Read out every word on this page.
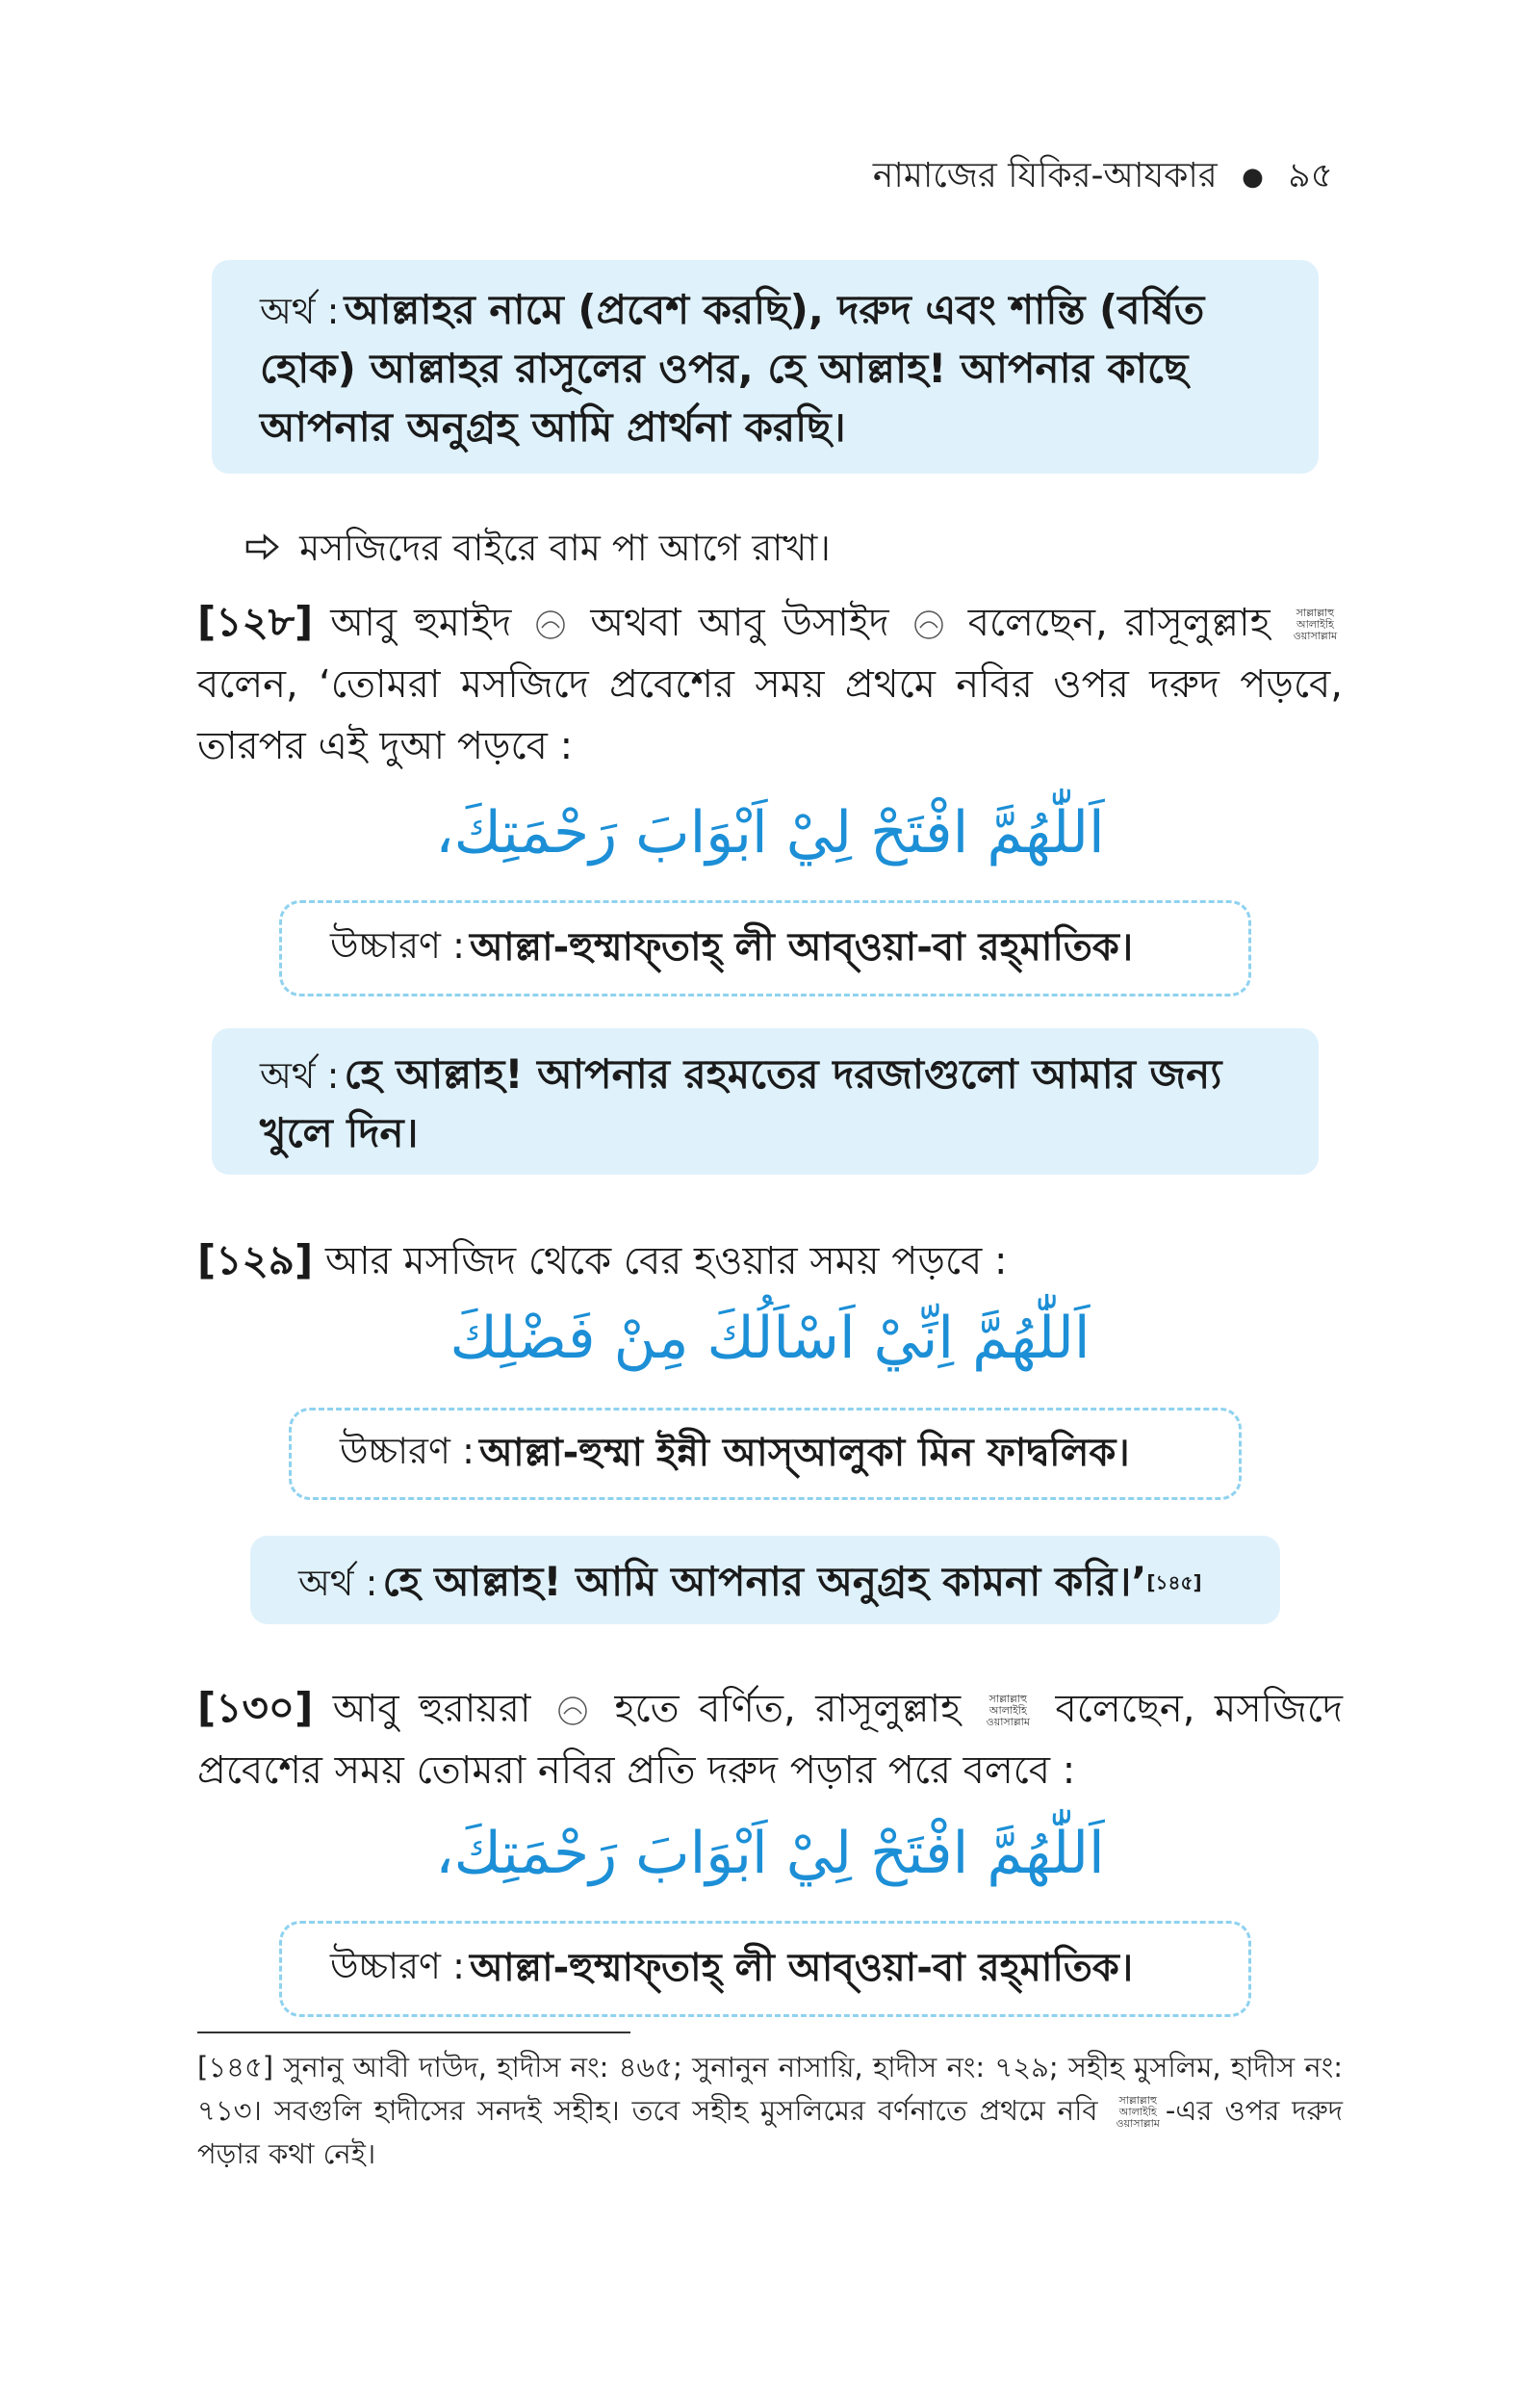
নামাজের যিকির-আযকার ● ৯৫
অর্থ : আল্লাহর নামে (প্রবেশ করছি), দরুদ এবং শান্তি (বর্ষিত হোক) আল্লাহর রাসূলের ওপর, হে আল্লাহ! আপনার কাছে আপনার অনুগ্রহ আমি প্রার্থনা করছি।
মসজিদের বাইরে বাম পা আগে রাখা।
[১২৮] আবু হুমাইদ অথবা আবু উসাইদ বলেছেন, রাসূলুল্লাহ সাল্লাল্লাহু
আলাইহি
ওয়াসাল্লাম
বলেন, ‘তোমরা মসজিদে প্রবেশের সময় প্রথমে নবির ওপর দরুদ পড়বে, তারপর এই দুআ পড়বে :
اَللّٰهُمَّ افْتَحْ لِيْ اَبْوَابَ رَحْمَتِكَ،
উচ্চারণ :
আল্লা-হুম্মাফ্‌তাহ্ লী আব্ওয়া-বা রহ্‌মাতিক।
অর্থ : হে আল্লাহ! আপনার রহমতের দরজাগুলো আমার জন্য খুলে দিন।
[১২৯] আর মসজিদ থেকে বের হওয়ার সময় পড়বে :
اَللّٰهُمَّ اِنِّيْ اَسْاَلُكَ مِنْ فَضْلِكَ
উচ্চারণ :
আল্লা-হুম্মা ইন্নী আস্‌আলুকা মিন ফাদ্বলিক।
অর্থ : হে আল্লাহ! আমি আপনার অনুগ্রহ কামনা করি।’[১৪৫]
[১৩০] আবু হুরায়রা হতে বর্ণিত, রাসূলুল্লাহ	সাল্লাল্লাহু
আলাইহি
ওয়াসাল্লাম বলেছেন, মসজিদে প্রবেশের সময় তোমরা নবির প্রতি দরুদ পড়ার পরে বলবে :
اَللّٰهُمَّ افْتَحْ لِيْ اَبْوَابَ رَحْمَتِكَ،
উচ্চারণ :
আল্লা-হুম্মাফ্‌তাহ্ লী আব্ওয়া-বা রহ্‌মাতিক।
[১৪৫] সুনানু আবী দাউদ, হাদীস নং: ৪৬৫; সুনানুন নাসায়ি, হাদীস নং: ৭২৯; সহীহ মুসলিম, হাদীস নং: ৭১৩। সবগুলি হাদীসের সনদই সহীহ। তবে সহীহ মুসলিমের বর্ণনাতে প্রথমে নবি সাল্লাল্লাহু
আলাইহি
ওয়াসাল্লাম -এর ওপর দরুদ পড়ার কথা নেই।
